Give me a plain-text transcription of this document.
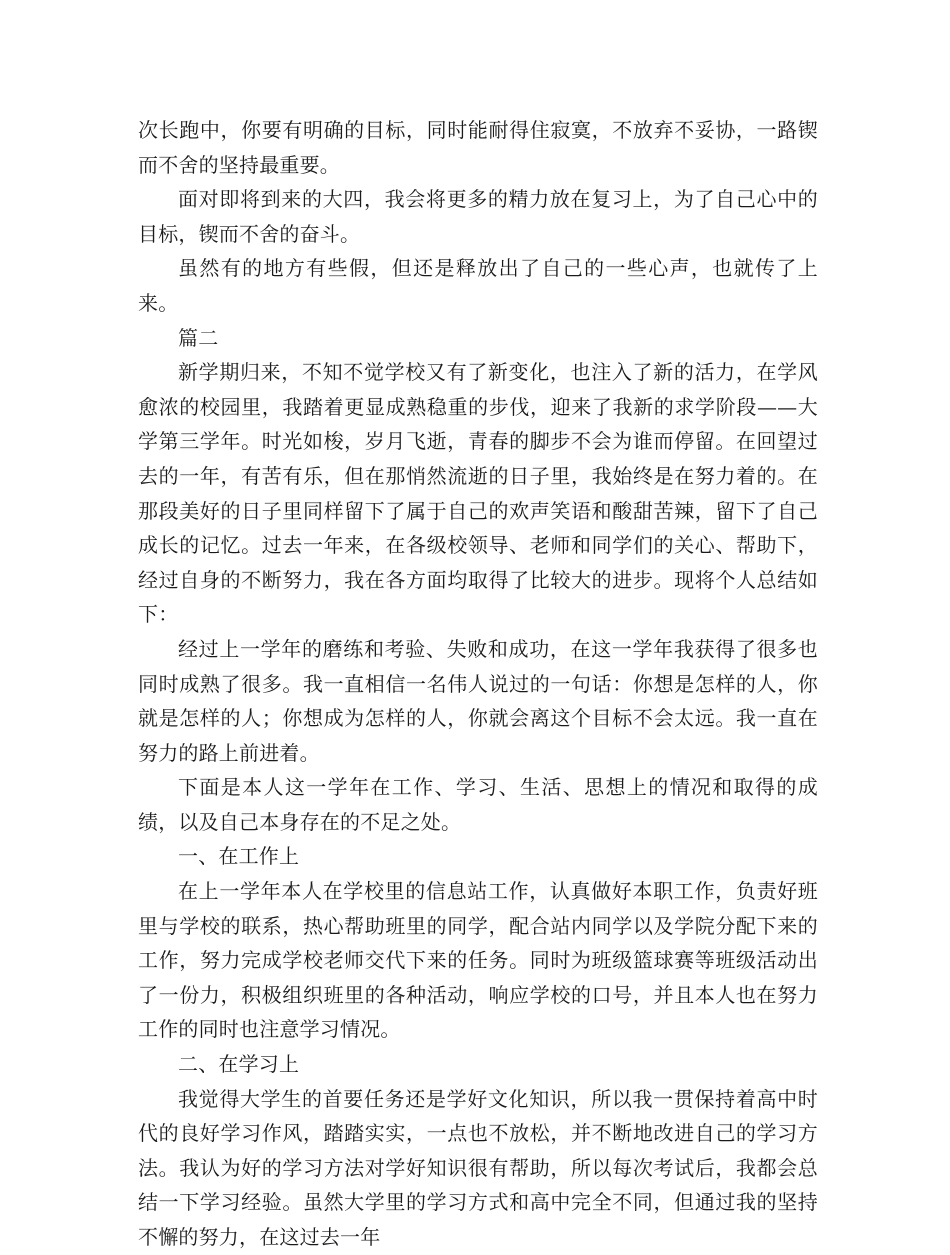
次长跑中，你要有明确的目标，同时能耐得住寂寞，不放弃不妥协，一路锲而不舍的坚持最重要。

面对即将到来的大四，我会将更多的精力放在复习上，为了自己心中的目标，锲而不舍的奋斗。

虽然有的地方有些假，但还是释放出了自己的一些心声，也就传了上来。

篇二

新学期归来，不知不觉学校又有了新变化，也注入了新的活力，在学风愈浓的校园里，我踏着更显成熟稳重的步伐，迎来了我新的求学阶段——大学第三学年。时光如梭，岁月飞逝，青春的脚步不会为谁而停留。在回望过去的一年，有苦有乐，但在那悄然流逝的日子里，我始终是在努力着的。在那段美好的日子里同样留下了属于自己的欢声笑语和酸甜苦辣，留下了自己成长的记忆。过去一年来，在各级校领导、老师和同学们的关心、帮助下，经过自身的不断努力，我在各方面均取得了比较大的进步。现将个人总结如下：

经过上一学年的磨练和考验、失败和成功，在这一学年我获得了很多也同时成熟了很多。我一直相信一名伟人说过的一句话：你想是怎样的人，你就是怎样的人；你想成为怎样的人，你就会离这个目标不会太远。我一直在努力的路上前进着。

下面是本人这一学年在工作、学习、生活、思想上的情况和取得的成绩，以及自己本身存在的不足之处。

一、在工作上

在上一学年本人在学校里的信息站工作，认真做好本职工作，负责好班里与学校的联系，热心帮助班里的同学，配合站内同学以及学院分配下来的工作，努力完成学校老师交代下来的任务。同时为班级篮球赛等班级活动出了一份力，积极组织班里的各种活动，响应学校的口号，并且本人也在努力工作的同时也注意学习情况。

二、在学习上

我觉得大学生的首要任务还是学好文化知识，所以我一贯保持着高中时代的良好学习作风，踏踏实实，一点也不放松，并不断地改进自己的学习方法。我认为好的学习方法对学好知识很有帮助，所以每次考试后，我都会总结一下学习经验。虽然大学里的学习方式和高中完全不同，但通过我的坚持不懈的努力，在这过去一年
